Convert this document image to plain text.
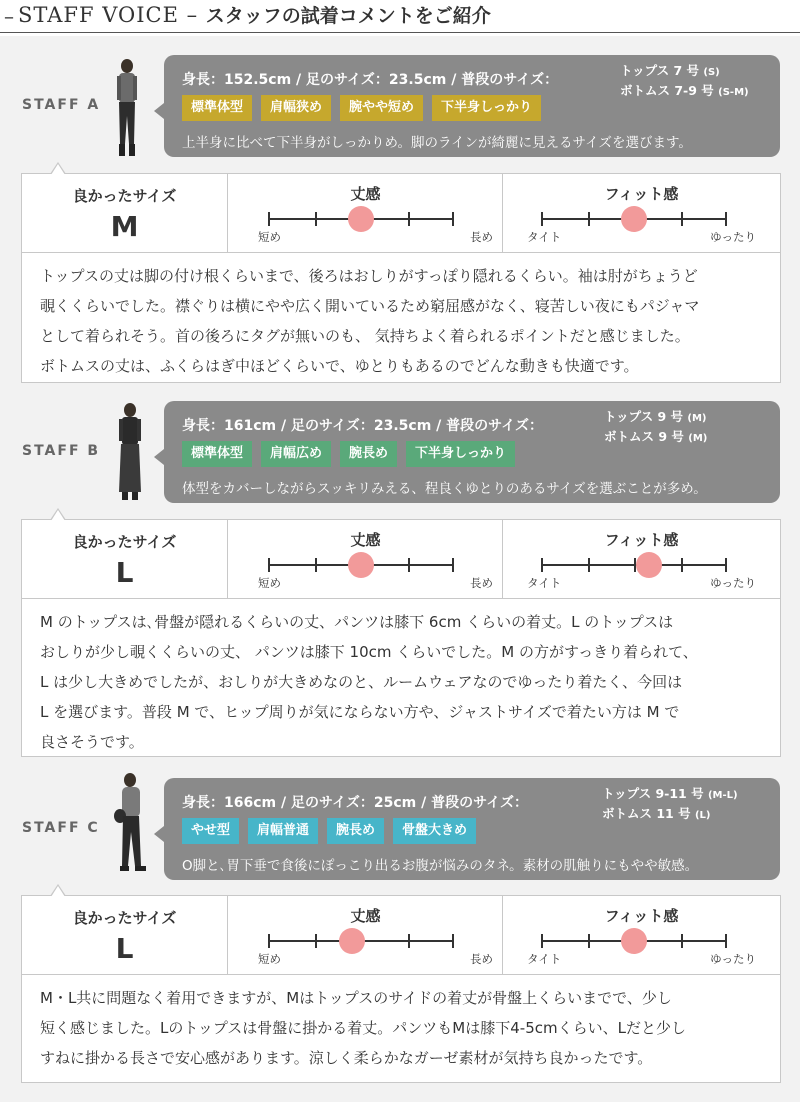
– STAFF VOICE – スタッフの試着コメントをご紹介
STAFF A
身長：152.5cm / 足のサイズ：23.5cm / 普段のサイズ：
トップス 7 号 (S)
ボトムス 7-9 号 (S-M)
標準体型	肩幅狭め	腕やや短め	下半身しっかり
上半身に比べて下半身がしっかりめ。脚のラインが綺麗に見えるサイズを選びます。
良かったサイズ
M
丈感
短め	長め
フィット感
タイト	ゆったり
トップスの丈は脚の付け根くらいまで、後ろはおしりがすっぽり隠れるくらい。袖は肘がちょうど
覗くくらいでした。襟ぐりは横にやや広く開いているため窮屈感がなく、寝苦しい夜にもパジャマ
として着られそう。首の後ろにタグが無いのも、 気持ちよく着られるポイントだと感じました。
ボトムスの丈は、ふくらはぎ中ほどくらいで、ゆとりもあるのでどんな動きも快適です。
STAFF B
身長：161cm / 足のサイズ：23.5cm / 普段のサイズ：
トップス 9 号 (M)
ボトムス 9 号 (M)
標準体型	肩幅広め	腕長め	下半身しっかり
体型をカバーしながらスッキリみえる、程良くゆとりのあるサイズを選ぶことが多め。
良かったサイズ
L
丈感
短め	長め
フィット感
タイト	ゆったり
M のトップスは､骨盤が隠れるくらいの丈、パンツは膝下 6cm くらいの着丈。L のトップスは
おしりが少し覗くくらいの丈、 パンツは膝下 10cm くらいでした。M の方がすっきり着られて、
L は少し大きめでしたが、おしりが大きめなのと、ルームウェアなのでゆったり着たく、今回は
L を選びます。普段 M で、ヒップ周りが気にならない方や、ジャストサイズで着たい方は M で
良さそうです。
STAFF C
身長：166cm / 足のサイズ：25cm / 普段のサイズ：
トップス 9-11 号 (M-L)
ボトムス 11 号 (L)
やせ型	肩幅普通	腕長め	骨盤大きめ
O脚と､胃下垂で食後にぽっこり出るお腹が悩みのタネ。素材の肌触りにもやや敏感。
良かったサイズ
L
丈感
短め	長め
フィット感
タイト	ゆったり
M・L共に問題なく着用できますが、Mはトップスのサイドの着丈が骨盤上くらいまでで、少し
短く感じました。Lのトップスは骨盤に掛かる着丈。パンツもMは膝下4-5cmくらい、Lだと少し
すねに掛かる長さで安心感があります。涼しく柔らかなガーゼ素材が気持ち良かったです。
